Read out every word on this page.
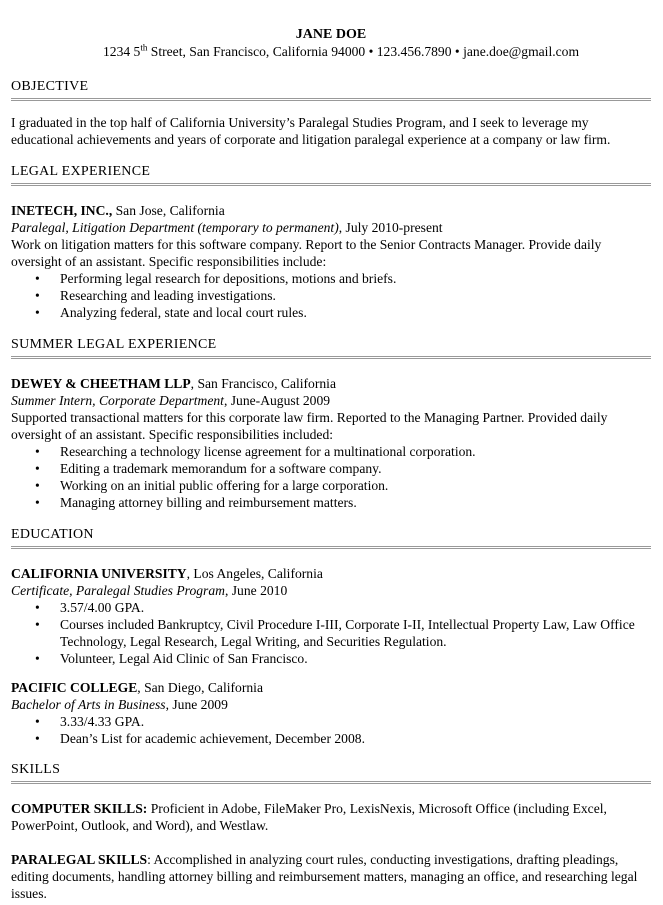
JANE DOE
1234 5th Street, San Francisco, California 94000 • 123.456.7890 • jane.doe@gmail.com
OBJECTIVE

I graduated in the top half of California University’s Paralegal Studies Program, and I seek to leverage my educational achievements and years of corporate and litigation paralegal experience at a company or law firm.

LEGAL EXPERIENCE

INETECH, INC., San Jose, California

Paralegal, Litigation Department (temporary to permanent), July 2010-present

Work on litigation matters for this software company. Report to the Senior Contracts Manager. Provide daily oversight of an assistant. Specific responsibilities include:

• Performing legal research for depositions, motions and briefs.
• Researching and leading investigations.
• Analyzing federal, state and local court rules.
SUMMER LEGAL EXPERIENCE

DEWEY & CHEETHAM LLP, San Francisco, California

Summer Intern, Corporate Department, June-August 2009

Supported transactional matters for this corporate law firm. Reported to the Managing Partner. Provided daily oversight of an assistant. Specific responsibilities included:

• Researching a technology license agreement for a multinational corporation.
• Editing a trademark memorandum for a software company.
• Working on an initial public offering for a large corporation.
• Managing attorney billing and reimbursement matters.
EDUCATION

CALIFORNIA UNIVERSITY, Los Angeles, California

Certificate, Paralegal Studies Program, June 2010

• 3.57/4.00 GPA.
• Courses included Bankruptcy, Civil Procedure I-III, Corporate I-II, Intellectual Property Law, Law Office Technology, Legal Research, Legal Writing, and Securities Regulation.
• Volunteer, Legal Aid Clinic of San Francisco.

PACIFIC COLLEGE, San Diego, California

Bachelor of Arts in Business, June 2009

• 3.33/4.33 GPA.
• Dean’s List for academic achievement, December 2008.
SKILLS

COMPUTER SKILLS: Proficient in Adobe, FileMaker Pro, LexisNexis, Microsoft Office (including Excel, PowerPoint, Outlook, and Word), and Westlaw.

PARALEGAL SKILLS: Accomplished in analyzing court rules, conducting investigations, drafting pleadings, editing documents, handling attorney billing and reimbursement matters, managing an office, and researching legal issues.
